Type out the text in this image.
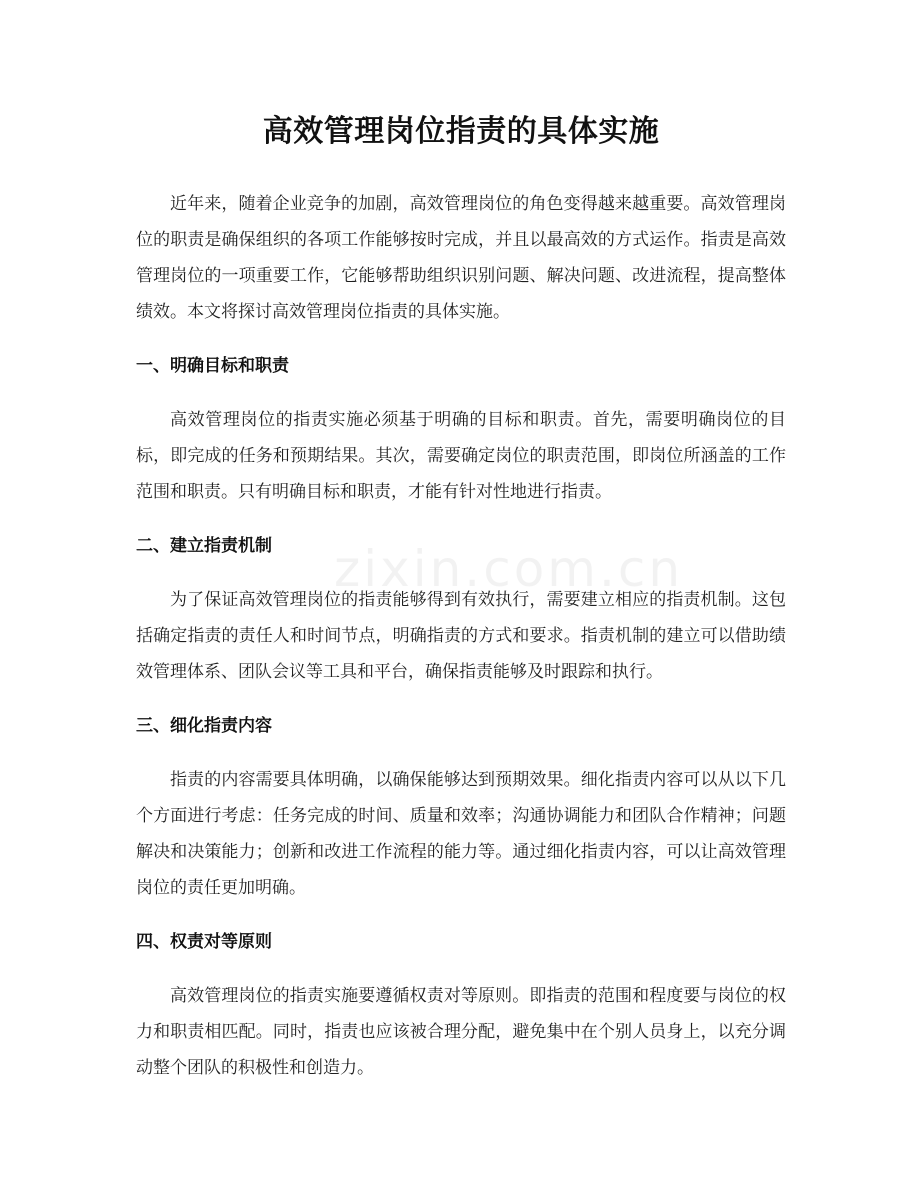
高效管理岗位指责的具体实施

近年来，随着企业竞争的加剧，高效管理岗位的角色变得越来越重要。高效管理岗位的职责是确保组织的各项工作能够按时完成，并且以最高效的方式运作。指责是高效管理岗位的一项重要工作，它能够帮助组织识别问题、解决问题、改进流程，提高整体绩效。本文将探讨高效管理岗位指责的具体实施。

一、明确目标和职责

高效管理岗位的指责实施必须基于明确的目标和职责。首先，需要明确岗位的目标，即完成的任务和预期结果。其次，需要确定岗位的职责范围，即岗位所涵盖的工作范围和职责。只有明确目标和职责，才能有针对性地进行指责。

二、建立指责机制

为了保证高效管理岗位的指责能够得到有效执行，需要建立相应的指责机制。这包括确定指责的责任人和时间节点，明确指责的方式和要求。指责机制的建立可以借助绩效管理体系、团队会议等工具和平台，确保指责能够及时跟踪和执行。

三、细化指责内容

指责的内容需要具体明确，以确保能够达到预期效果。细化指责内容可以从以下几个方面进行考虑：任务完成的时间、质量和效率；沟通协调能力和团队合作精神；问题解决和决策能力；创新和改进工作流程的能力等。通过细化指责内容，可以让高效管理岗位的责任更加明确。

四、权责对等原则

高效管理岗位的指责实施要遵循权责对等原则。即指责的范围和程度要与岗位的权力和职责相匹配。同时，指责也应该被合理分配，避免集中在个别人员身上，以充分调动整个团队的积极性和创造力。

zixin.com.cn
